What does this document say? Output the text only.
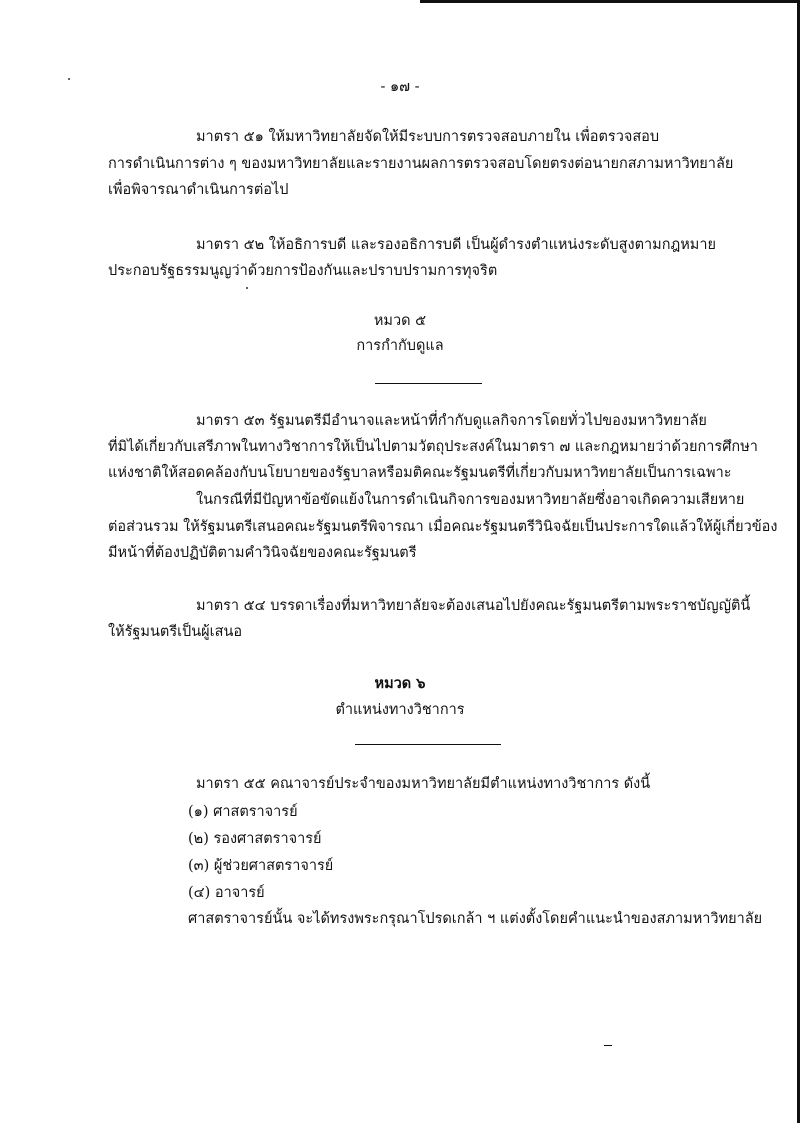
- ๑๗ -
มาตรา ๕๑ ให้มหาวิทยาลัยจัดให้มีระบบการตรวจสอบภายใน เพื่อตรวจสอบ
การดำเนินการต่าง ๆ ของมหาวิทยาลัยและรายงานผลการตรวจสอบโดยตรงต่อนายกสภามหาวิทยาลัย
เพื่อพิจารณาดำเนินการต่อไป
มาตรา ๕๒ ให้อธิการบดี และรองอธิการบดี เป็นผู้ดำรงตำแหน่งระดับสูงตามกฎหมาย
ประกอบรัฐธรรมนูญว่าด้วยการป้องกันและปราบปรามการทุจริต
หมวด ๕
การกำกับดูแล
มาตรา ๕๓ รัฐมนตรีมีอำนาจและหน้าที่กำกับดูแลกิจการโดยทั่วไปของมหาวิทยาลัย
ที่มิได้เกี่ยวกับเสรีภาพในทางวิชาการให้เป็นไปตามวัตถุประสงค์ในมาตรา ๗ และกฎหมายว่าด้วยการศึกษา
แห่งชาติให้สอดคล้องกับนโยบายของรัฐบาลหรือมติคณะรัฐมนตรีที่เกี่ยวกับมหาวิทยาลัยเป็นการเฉพาะ
ในกรณีที่มีปัญหาข้อขัดแย้งในการดำเนินกิจการของมหาวิทยาลัยซึ่งอาจเกิดความเสียหาย
ต่อส่วนรวม ให้รัฐมนตรีเสนอคณะรัฐมนตรีพิจารณา เมื่อคณะรัฐมนตรีวินิจฉัยเป็นประการใดแล้วให้ผู้เกี่ยวข้อง
มีหน้าที่ต้องปฏิบัติตามคำวินิจฉัยของคณะรัฐมนตรี
มาตรา ๕๔ บรรดาเรื่องที่มหาวิทยาลัยจะต้องเสนอไปยังคณะรัฐมนตรีตามพระราชบัญญัตินี้
ให้รัฐมนตรีเป็นผู้เสนอ
หมวด ๖
ตำแหน่งทางวิชาการ
มาตรา ๕๕ คณาจารย์ประจำของมหาวิทยาลัยมีตำแหน่งทางวิชาการ ดังนี้
(๑) ศาสตราจารย์
(๒) รองศาสตราจารย์
(๓) ผู้ช่วยศาสตราจารย์
(๔) อาจารย์
ศาสตราจารย์นั้น จะได้ทรงพระกรุณาโปรดเกล้า ฯ แต่งตั้งโดยคำแนะนำของสภามหาวิทยาลัย
